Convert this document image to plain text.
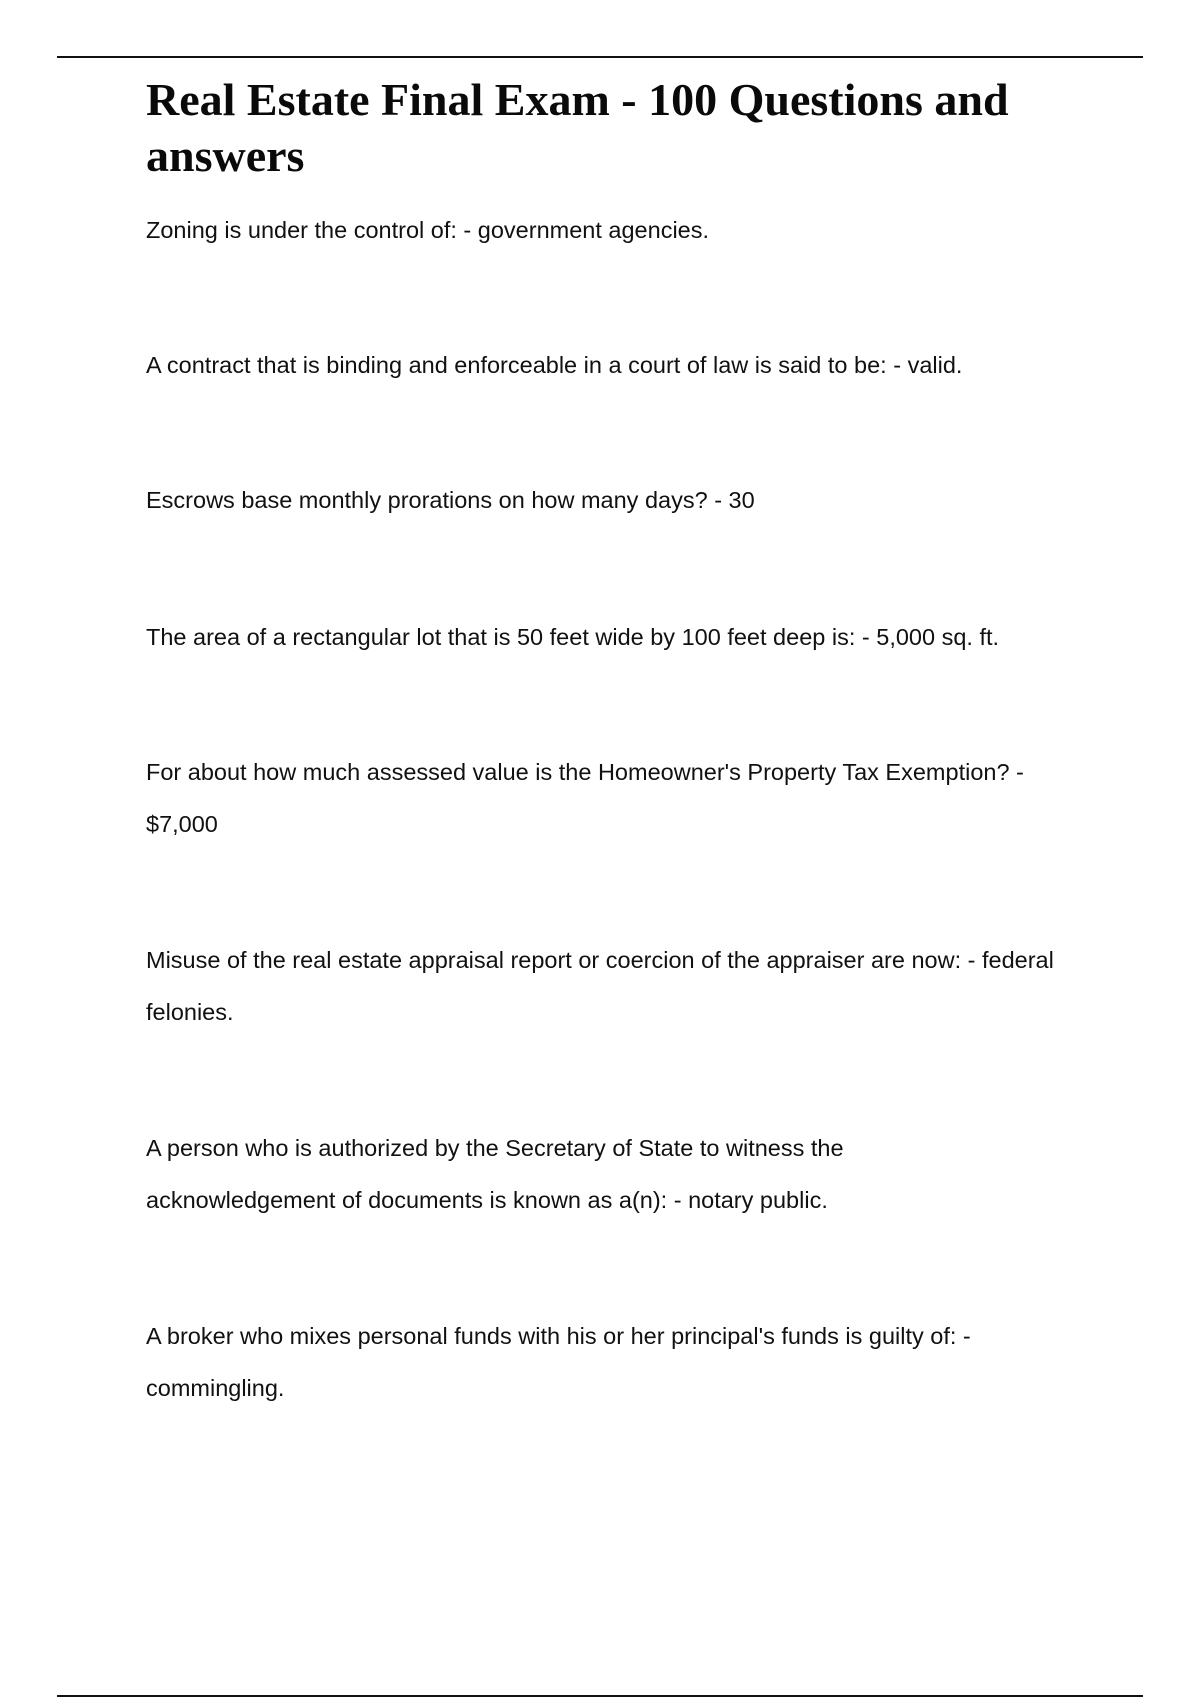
Real Estate Final Exam - 100 Questions and answers

Zoning is under the control of: - government agencies.

A contract that is binding and enforceable in a court of law is said to be: - valid.

Escrows base monthly prorations on how many days? - 30

The area of a rectangular lot that is 50 feet wide by 100 feet deep is: - 5,000 sq. ft.

For about how much assessed value is the Homeowner's Property Tax Exemption? - $7,000

Misuse of the real estate appraisal report or coercion of the appraiser are now: - federal felonies.

A person who is authorized by the Secretary of State to witness the acknowledgement of documents is known as a(n): - notary public.

A broker who mixes personal funds with his or her principal's funds is guilty of: - commingling.
